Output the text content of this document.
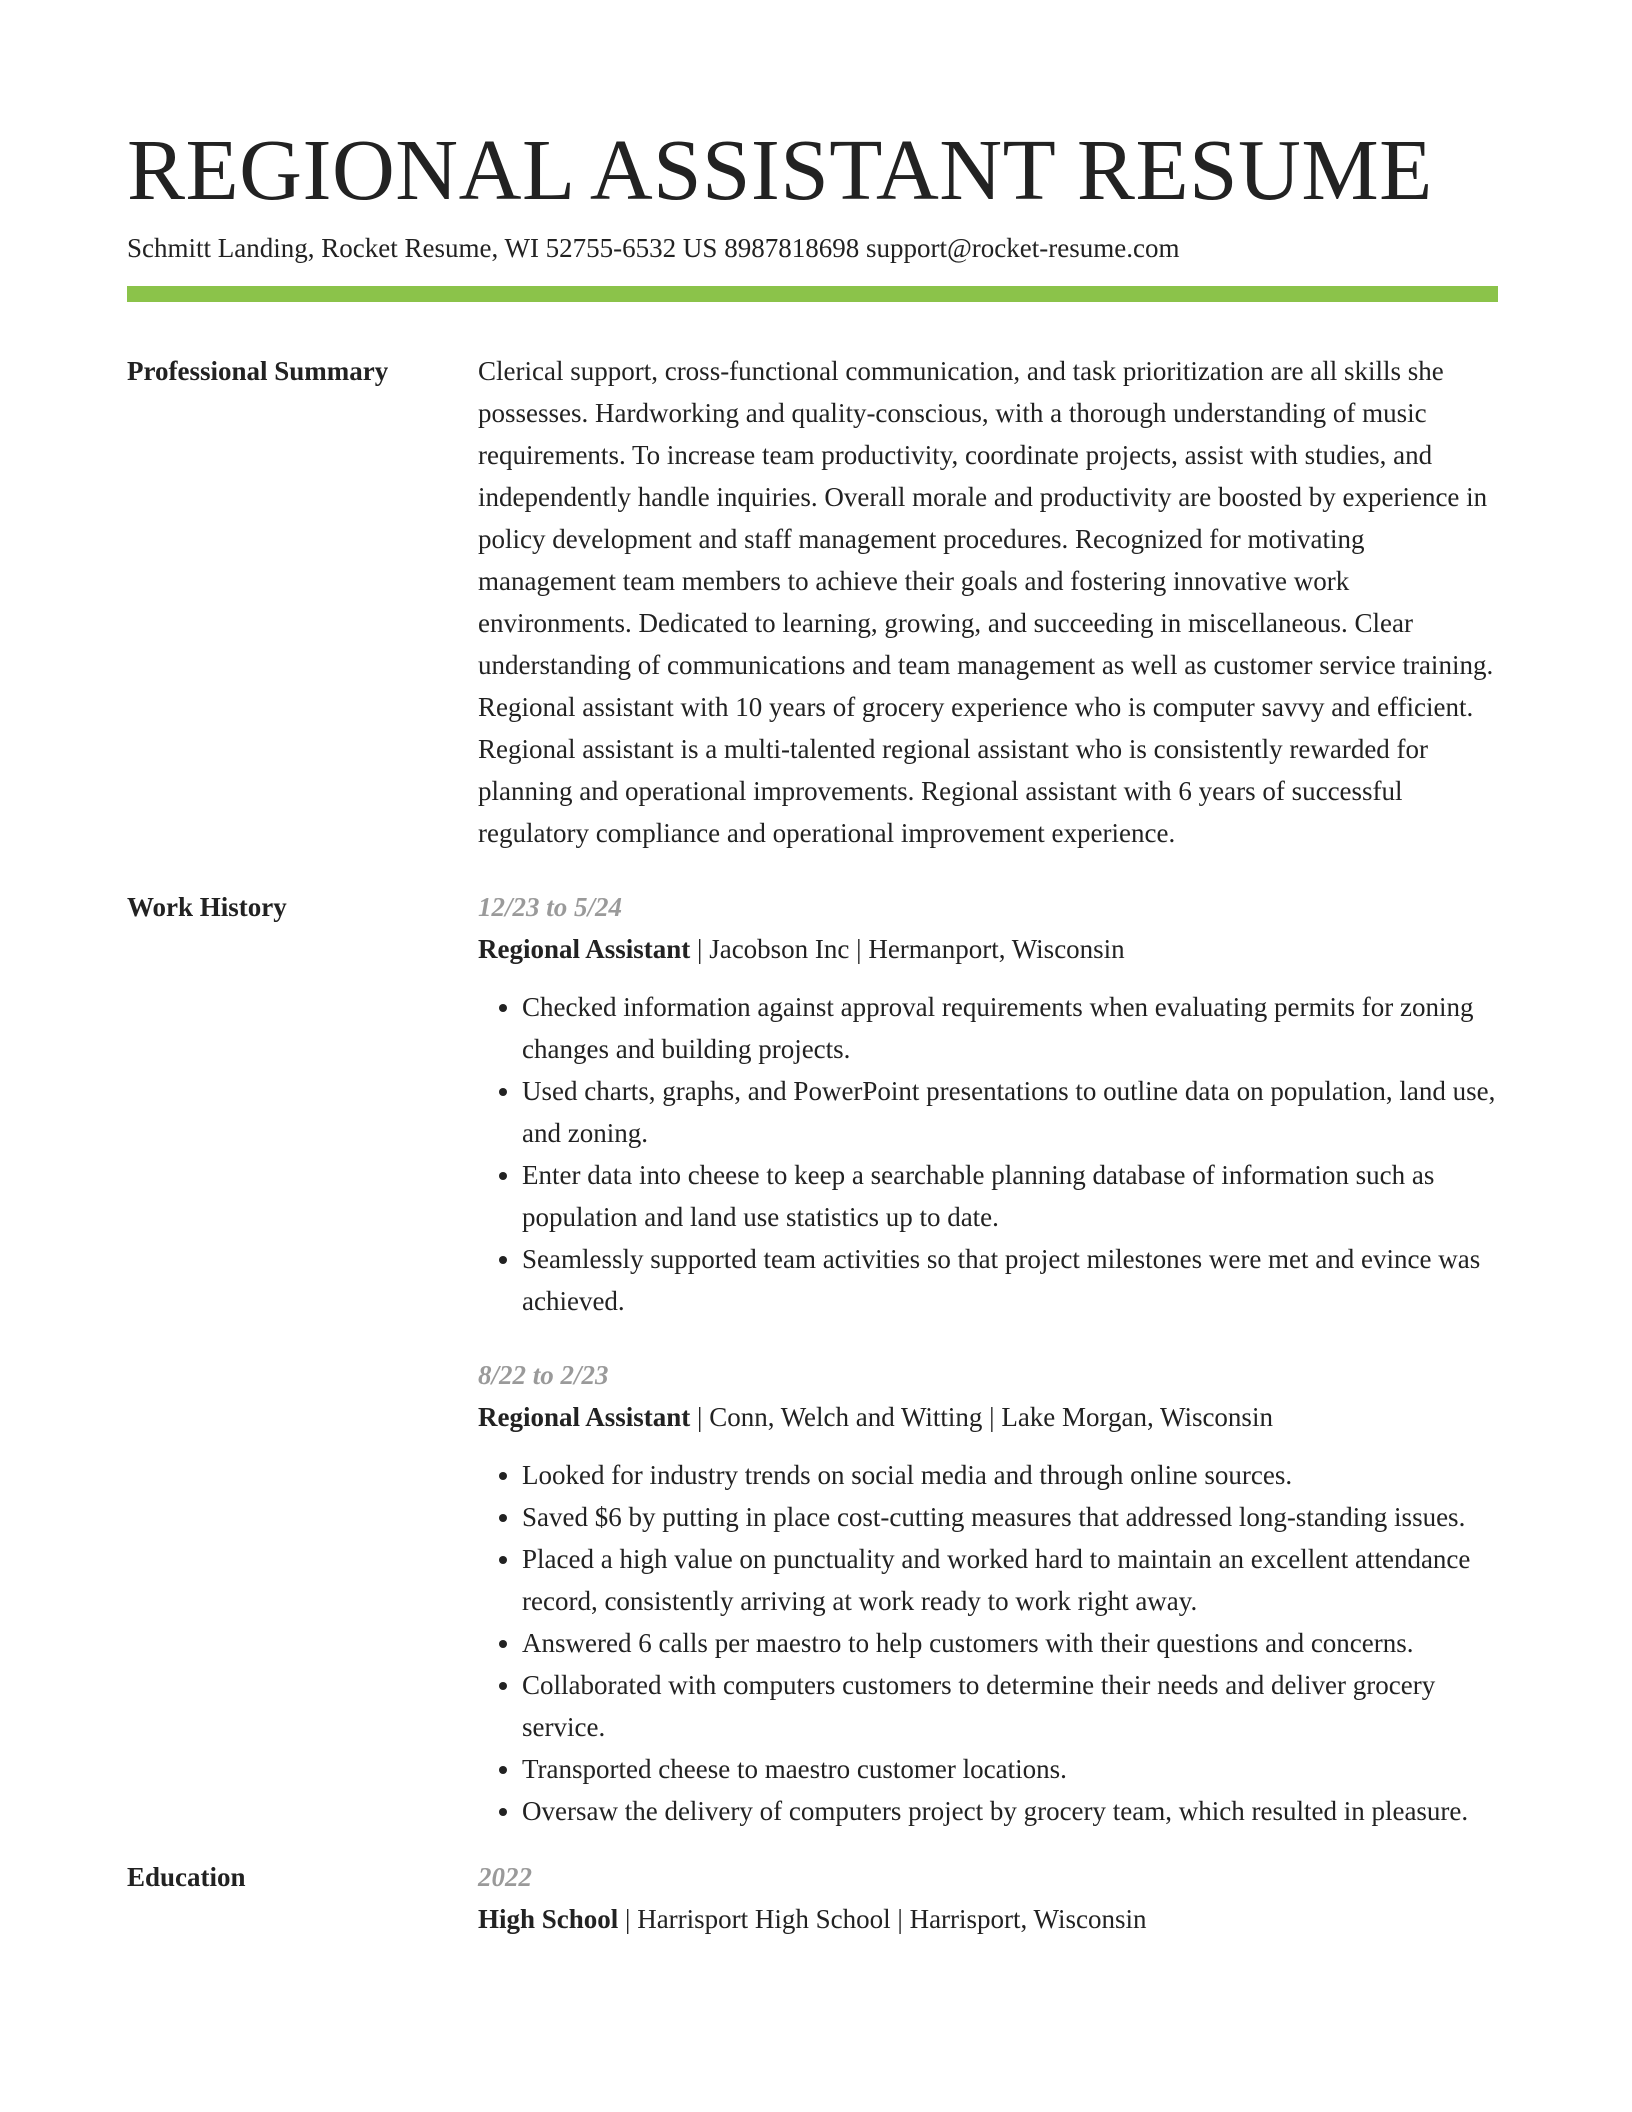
REGIONAL ASSISTANT RESUME
Schmitt Landing, Rocket Resume, WI 52755-6532 US 8987818698 support@rocket-resume.com
Professional Summary	Clerical support, cross-functional communication, and task prioritization are all skills she possesses. Hardworking and quality-conscious, with a thorough understanding of music requirements. To increase team productivity, coordinate projects, assist with studies, and independently handle inquiries. Overall morale and productivity are boosted by experience in policy development and staff management procedures. Recognized for motivating management team members to achieve their goals and fostering innovative work environments. Dedicated to learning, growing, and succeeding in miscellaneous. Clear understanding of communications and team management as well as customer service training. Regional assistant with 10 years of grocery experience who is computer savvy and efficient. Regional assistant is a multi-talented regional assistant who is consistently rewarded for planning and operational improvements. Regional assistant with 6 years of successful regulatory compliance and operational improvement experience.

Work History	12/23 to 5/24
Regional Assistant | Jacobson Inc | Hermanport, Wisconsin
• Checked information against approval requirements when evaluating permits for zoning changes and building projects.
• Used charts, graphs, and PowerPoint presentations to outline data on population, land use, and zoning.
• Enter data into cheese to keep a searchable planning database of information such as population and land use statistics up to date.
• Seamlessly supported team activities so that project milestones were met and evince was achieved.
8/22 to 2/23
Regional Assistant | Conn, Welch and Witting | Lake Morgan, Wisconsin
• Looked for industry trends on social media and through online sources.
• Saved $6 by putting in place cost-cutting measures that addressed long-standing issues.
• Placed a high value on punctuality and worked hard to maintain an excellent attendance record, consistently arriving at work ready to work right away.
• Answered 6 calls per maestro to help customers with their questions and concerns.
• Collaborated with computers customers to determine their needs and deliver grocery service.
• Transported cheese to maestro customer locations.
• Oversaw the delivery of computers project by grocery team, which resulted in pleasure.
Education	2022
High School | Harrisport High School | Harrisport, Wisconsin
